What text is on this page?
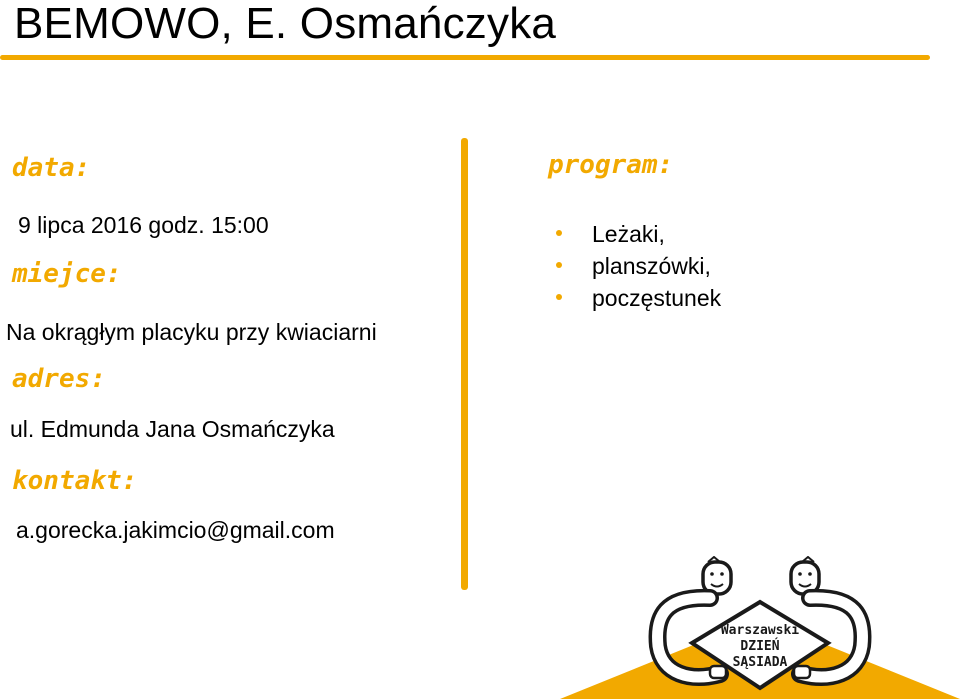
BEMOWO, E. Osmańczyka
data:
9 lipca 2016 godz. 15:00
miejce:
Na okrągłym placyku przy kwiaciarni
adres:
ul. Edmunda Jana Osmańczyka
kontakt:
a.gorecka.jakimcio@gmail.com
program:
Leżaki,
planszówki,
poczęstunek
Warszawski
DZIEŃ
SĄSIADA
